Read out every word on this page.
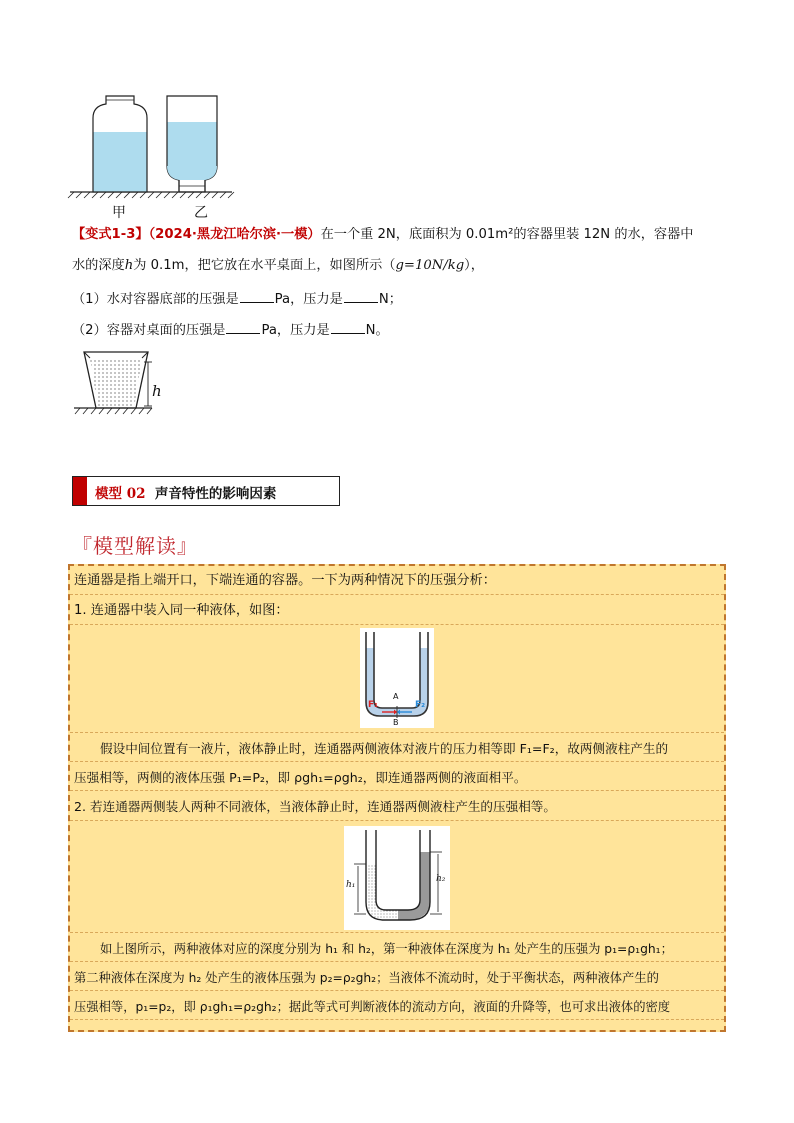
甲	乙
【变式1-3】（2024·黑龙江哈尔滨·一模）在一个重 2N，底面积为 0.01m²的容器里装 12N 的水，容器中
水的深度h为 0.1m，把它放在水平桌面上，如图所示（g=10N/kg），
（1）水对容器底部的压强是	Pa，压力是	N；
（2）容器对桌面的压强是	Pa，压力是	N。
h
模型 02 声音特性的影响因素
『模型解读』
连通器是指上端开口，下端连通的容器。一下为两种情况下的压强分析：
1. 连通器中装入同一种液体，如图：
A
B
F₁	F₂
假设中间位置有一液片，液体静止时，连通器两侧液体对液片的压力相等即 F₁=F₂，故两侧液柱产生的
压强相等，两侧的液体压强 P₁=P₂，即 ρgh₁=ρgh₂，即连通器两侧的液面相平。
2. 若连通器两侧装人两种不同液体，当液体静止时，连通器两侧液柱产生的压强相等。
h₁
h₂
如上图所示，两种液体对应的深度分别为 h₁ 和 h₂，第一种液体在深度为 h₁ 处产生的压强为 p₁=ρ₁gh₁；
第二种液体在深度为 h₂ 处产生的液体压强为 p₂=ρ₂gh₂；当液体不流动时，处于平衡状态，两种液体产生的
压强相等，p₁=p₂，即 ρ₁gh₁=ρ₂gh₂；据此等式可判断液体的流动方向，液面的升降等，也可求出液体的密度
